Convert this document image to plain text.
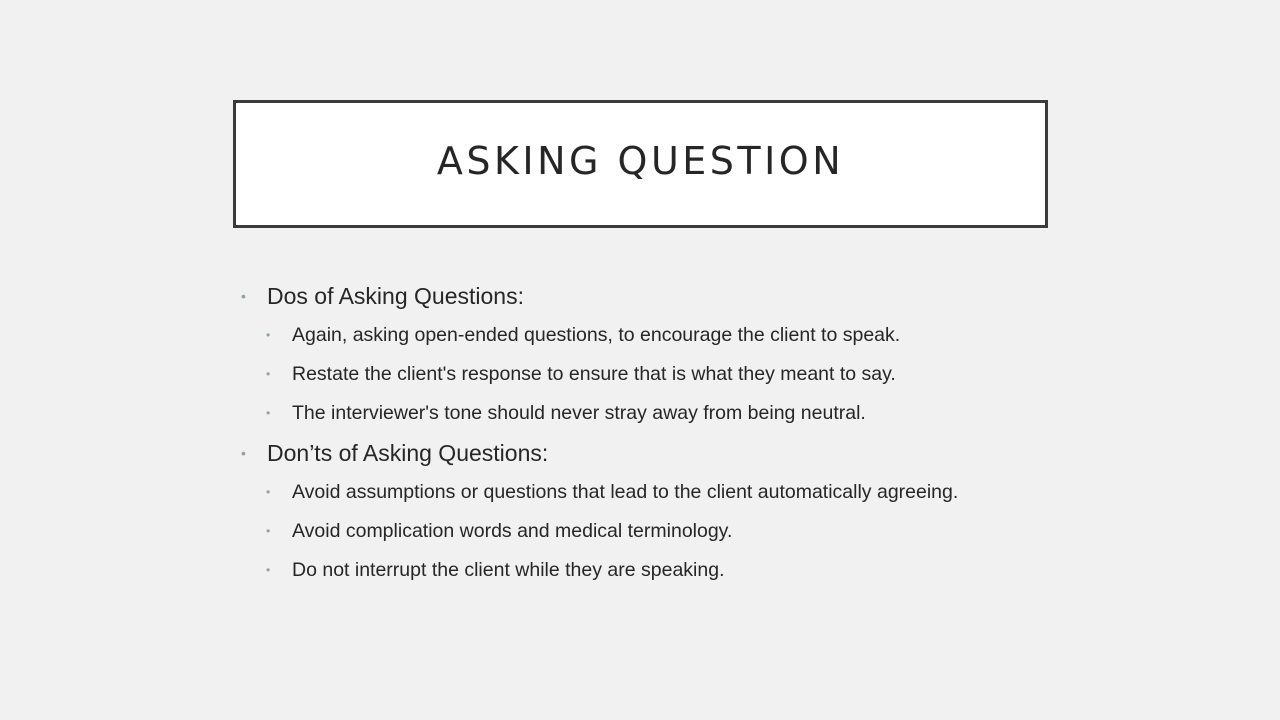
ASKING QUESTION
• Dos of Asking Questions:
• Again, asking open-ended questions, to encourage the client to speak.
• Restate the client's response to ensure that is what they meant to say.
• The interviewer's tone should never stray away from being neutral.
• Don’ts of Asking Questions:
• Avoid assumptions or questions that lead to the client automatically agreeing.
• Avoid complication words and medical terminology.
• Do not interrupt the client while they are speaking.
